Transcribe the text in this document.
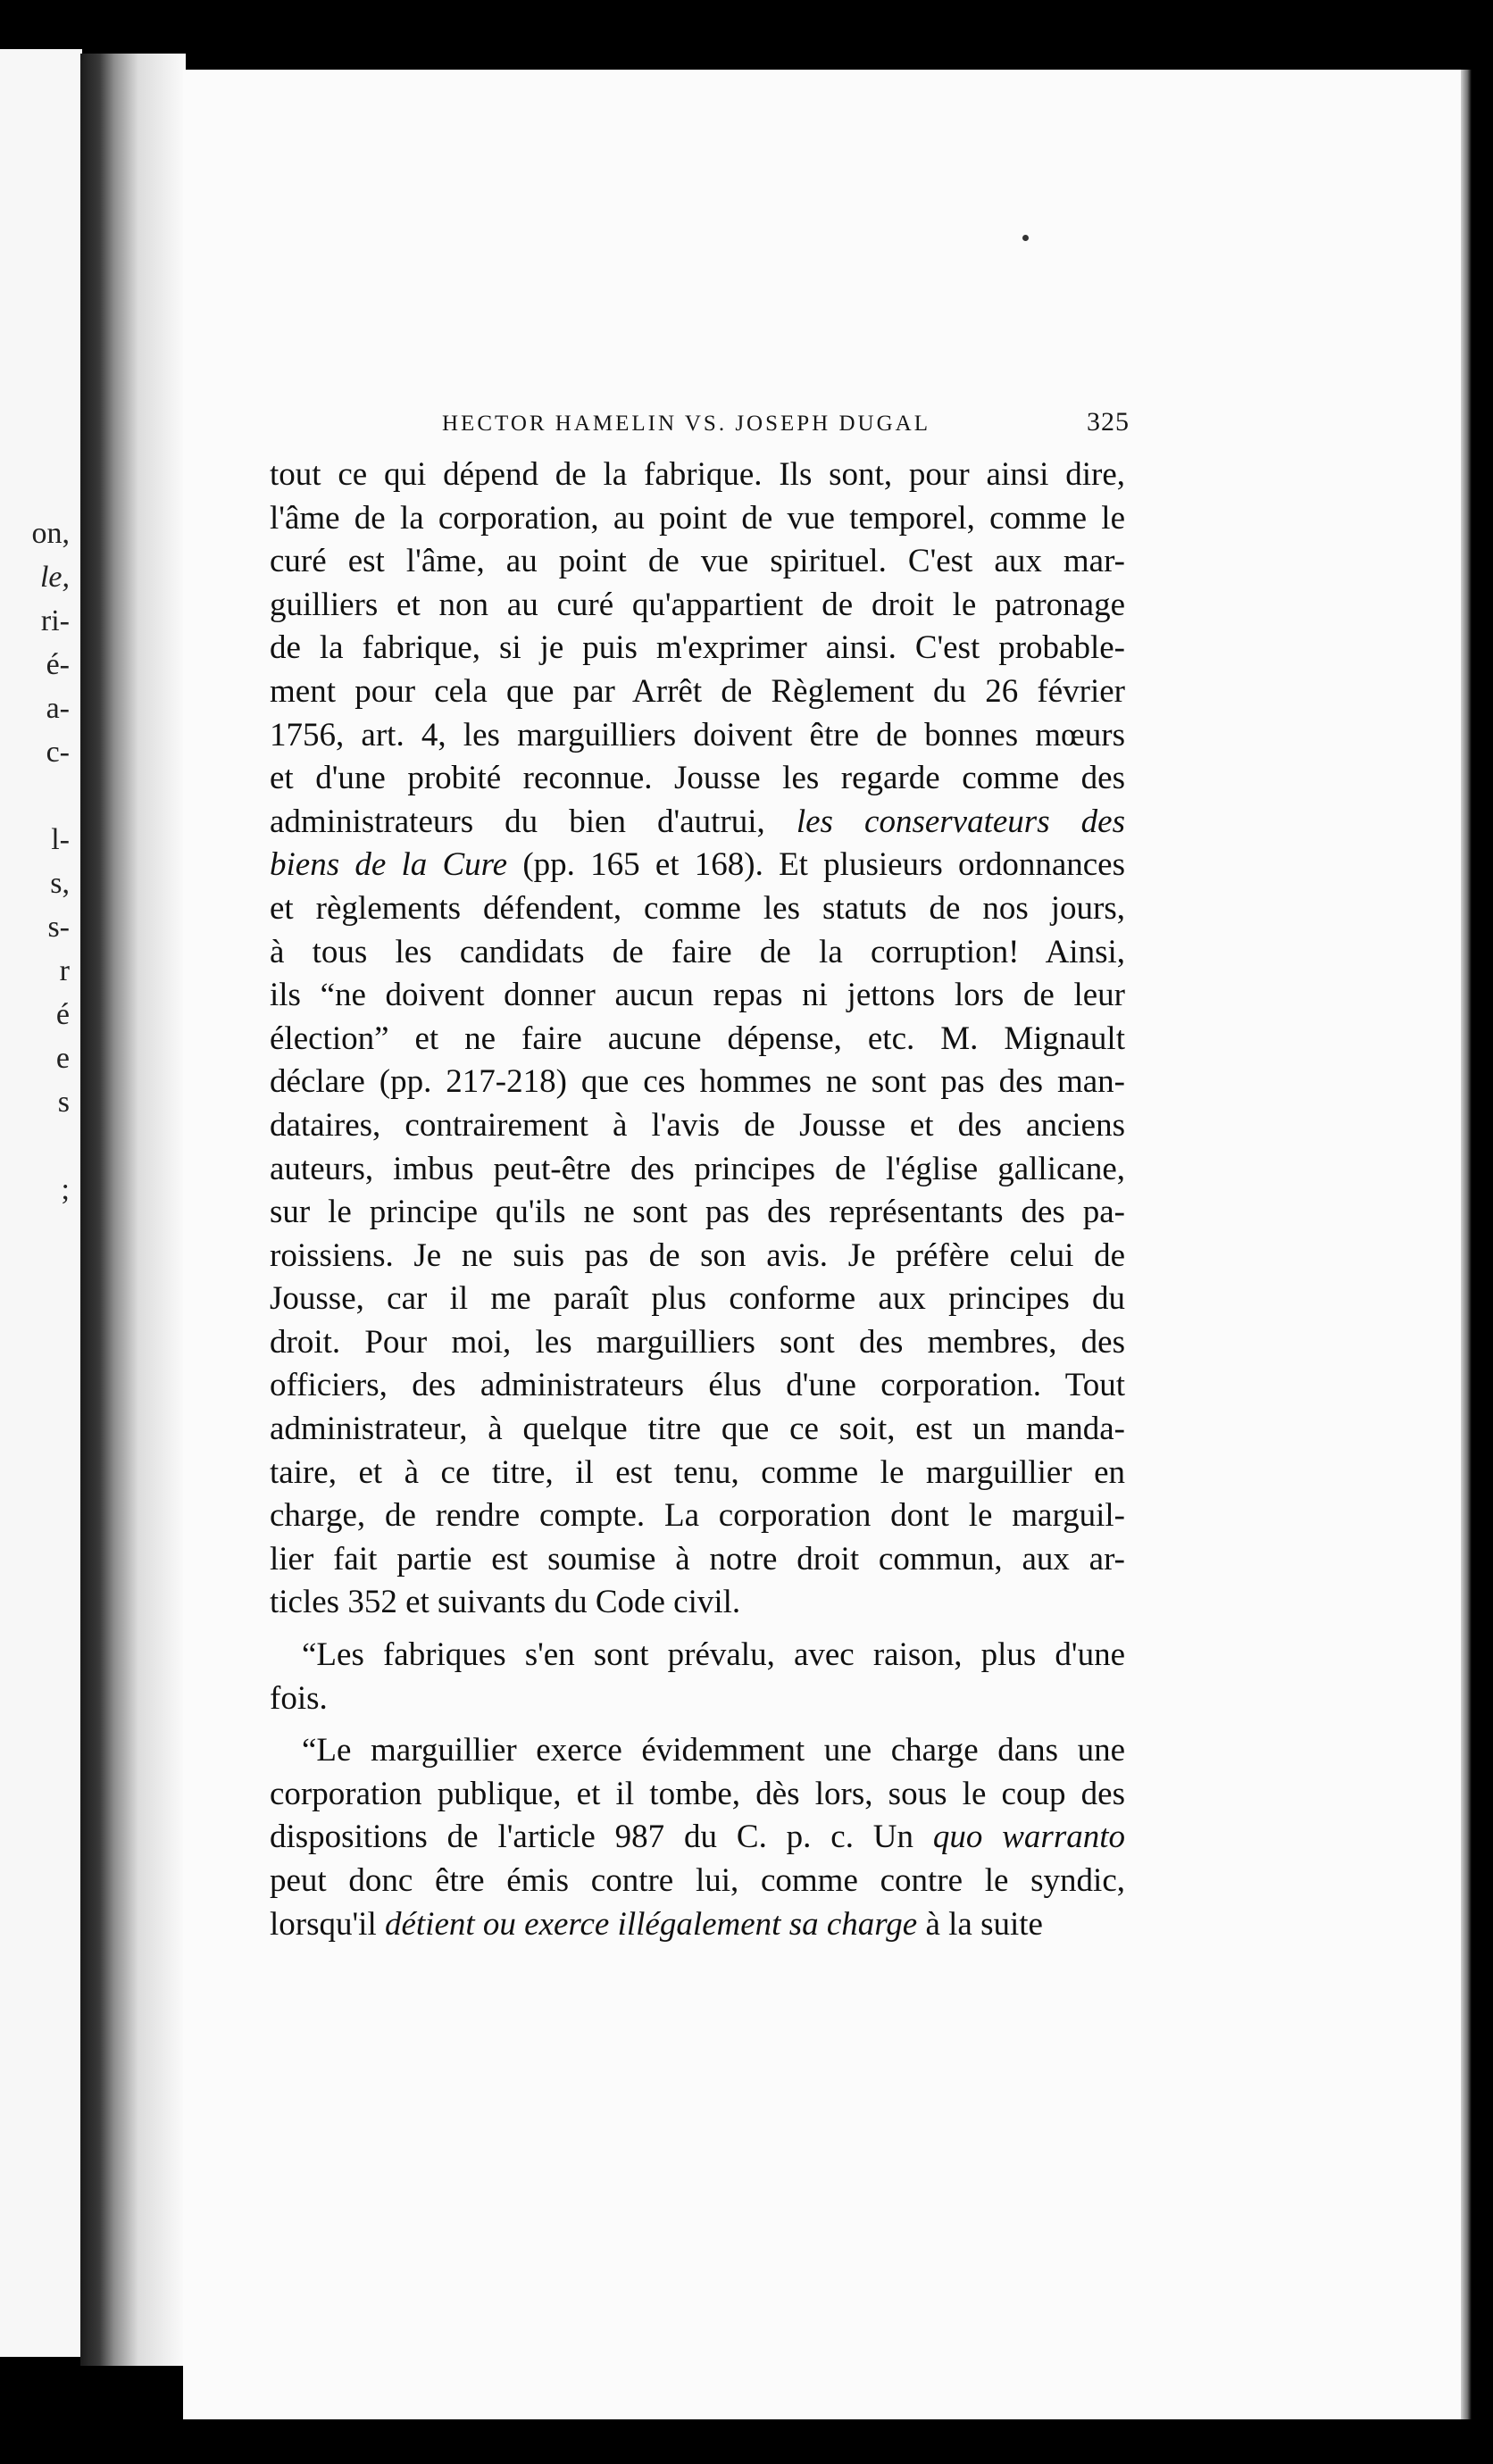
on,
le,
ri-
é-
a-
c-
l-
s,
s-
r
é
e
s
;
HECTOR HAMELIN VS. JOSEPH DUGAL	325
tout ce qui dépend de la fabrique. Ils sont, pour ainsi dire,
l'âme de la corporation, au point de vue temporel, comme le
curé est l'âme, au point de vue spirituel. C'est aux mar-
guilliers et non au curé qu'appartient de droit le patronage
de la fabrique, si je puis m'exprimer ainsi. C'est probable-
ment pour cela que par Arrêt de Règlement du 26 février
1756, art. 4, les marguilliers doivent être de bonnes mœurs
et d'une probité reconnue. Jousse les regarde comme des
administrateurs du bien d'autrui, les conservateurs des
biens de la Cure (pp. 165 et 168). Et plusieurs ordonnances
et règlements défendent, comme les statuts de nos jours,
à tous les candidats de faire de la corruption! Ainsi,
ils “ne doivent donner aucun repas ni jettons lors de leur
élection” et ne faire aucune dépense, etc. M. Mignault
déclare (pp. 217-218) que ces hommes ne sont pas des man-
dataires, contrairement à l'avis de Jousse et des anciens
auteurs, imbus peut-être des principes de l'église gallicane,
sur le principe qu'ils ne sont pas des représentants des pa-
roissiens. Je ne suis pas de son avis. Je préfère celui de
Jousse, car il me paraît plus conforme aux principes du
droit. Pour moi, les marguilliers sont des membres, des
officiers, des administrateurs élus d'une corporation. Tout
administrateur, à quelque titre que ce soit, est un manda-
taire, et à ce titre, il est tenu, comme le marguillier en
charge, de rendre compte. La corporation dont le marguil-
lier fait partie est soumise à notre droit commun, aux ar-
ticles 352 et suivants du Code civil.
“Les fabriques s'en sont prévalu, avec raison, plus d'une
fois.
“Le marguillier exerce évidemment une charge dans une
corporation publique, et il tombe, dès lors, sous le coup des
dispositions de l'article 987 du C. p. c. Un quo warranto
peut donc être émis contre lui, comme contre le syndic,
lorsqu'il détient ou exerce illégalement sa charge à la suite
